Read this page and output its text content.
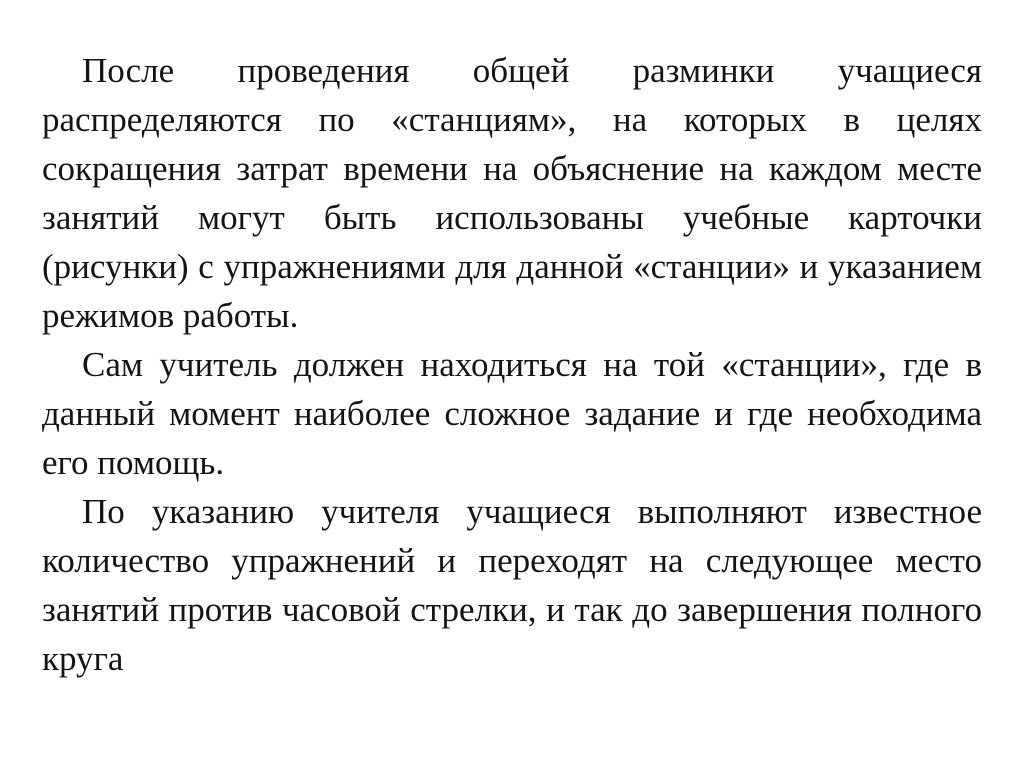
После проведения общей разминки учащиеся распределяются по «станциям», на которых в целях сокращения затрат времени на объяснение на каждом месте занятий могут быть использованы учебные карточки (рисунки) с упражнениями для данной «станции» и указанием режимов работы.

Сам учитель должен находиться на той «станции», где в данный момент наиболее сложное задание и где необходима его помощь.

По указанию учителя учащиеся выполняют известное количество упражнений и переходят на следующее место занятий против часовой стрелки, и так до завершения полного круга
